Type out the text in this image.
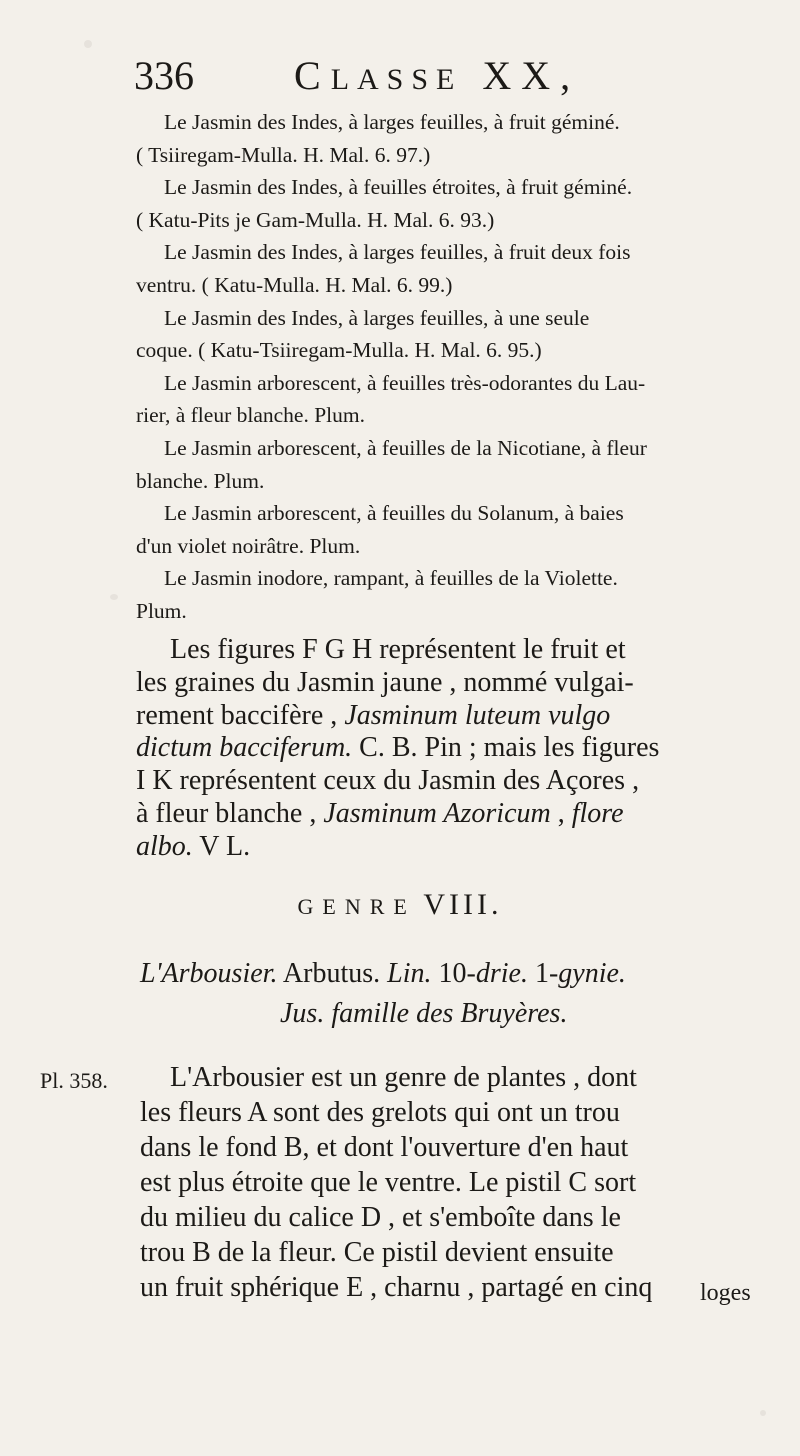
336	CLASSE XX,

Le Jasmin des Indes, à larges feuilles, à fruit géminé.
( Tsiiregam-Mulla. H. Mal. 6. 97.)

Le Jasmin des Indes, à feuilles étroites, à fruit géminé.
( Katu-Pits je Gam-Mulla. H. Mal. 6. 93.)

Le Jasmin des Indes, à larges feuilles, à fruit deux fois
ventru. ( Katu-Mulla. H. Mal. 6. 99.)

Le Jasmin des Indes, à larges feuilles, à une seule
coque. ( Katu-Tsiiregam-Mulla. H. Mal. 6. 95.)

Le Jasmin arborescent, à feuilles très-odorantes du Lau-
rier, à fleur blanche. Plum.

Le Jasmin arborescent, à feuilles de la Nicotiane, à fleur
blanche. Plum.

Le Jasmin arborescent, à feuilles du Solanum, à baies
d'un violet noirâtre. Plum.

Le Jasmin inodore, rampant, à feuilles de la Violette.
Plum.

Les figures F G H représentent le fruit et
les graines du Jasmin jaune , nommé vulgai-
rement baccifère , Jasminum luteum vulgo
dictum bacciferum. C. B. Pin ; mais les figures
I K représentent ceux du Jasmin des Açores ,
à fleur blanche , Jasminum Azoricum , flore
albo. V L.

GENRE VIII.
L'Arbousier. Arbutus. Lin. 10-drie. 1-gynie.
Jus. famille des Bruyères.
Pl. 358.	L'Arbousier est un genre de plantes , dont
les fleurs A sont des grelots qui ont un trou
dans le fond B, et dont l'ouverture d'en haut
est plus étroite que le ventre. Le pistil C sort
du milieu du calice D , et s'emboîte dans le
trou B de la fleur. Ce pistil devient ensuite
un fruit sphérique E , charnu , partagé en cinq	loges
